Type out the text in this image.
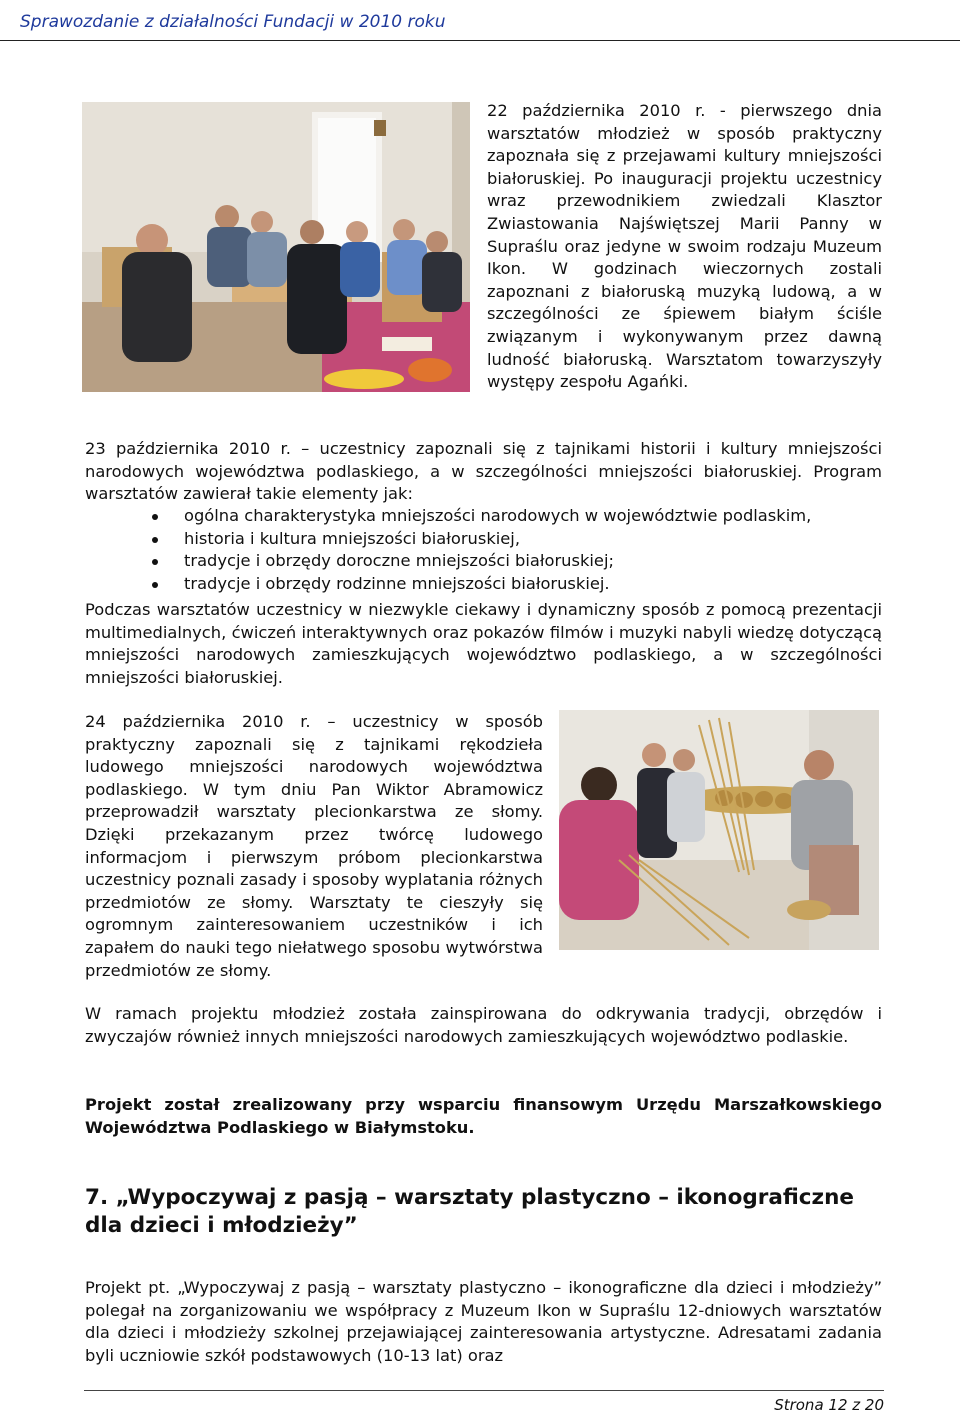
Sprawozdanie z działalności Fundacji w 2010 roku

22 października 2010 r. - pierwszego dnia warsztatów młodzież w sposób praktyczny zapoznała się z przejawami kultury mniejszości białoruskiej. Po inauguracji projektu uczestnicy wraz przewodnikiem zwiedzali Klasztor Zwiastowania Najświętszej Marii Panny w Supraślu oraz jedyne w swoim rodzaju Muzeum Ikon. W godzinach wieczornych zostali zapoznani z białoruską muzyką ludową, a w szczególności ze śpiewem białym ściśle związanym i wykonywanym przez dawną ludność białoruską. Warsztatom towarzyszyły występy zespołu Agańki.

23 października 2010 r. – uczestnicy zapoznali się z tajnikami historii i kultury mniejszości narodowych województwa podlaskiego, a w szczególności mniejszości białoruskiej. Program warsztatów zawierał takie elementy jak:

ogólna charakterystyka mniejszości narodowych w województwie podlaskim,
historia i kultura mniejszości białoruskiej,
tradycje i obrzędy doroczne mniejszości białoruskiej;
tradycje i obrzędy rodzinne mniejszości białoruskiej.

Podczas warsztatów uczestnicy w niezwykle ciekawy i dynamiczny sposób z pomocą prezentacji multimedialnych, ćwiczeń interaktywnych oraz pokazów filmów i muzyki nabyli wiedzę dotyczącą mniejszości narodowych zamieszkujących województwo podlaskiego, a w szczególności mniejszości białoruskiej.

24 października 2010 r. – uczestnicy w sposób praktyczny zapoznali się z tajnikami rękodzieła ludowego mniejszości narodowych województwa podlaskiego. W tym dniu Pan Wiktor Abramowicz przeprowadził warsztaty plecionkarstwa ze słomy. Dzięki przekazanym przez twórcę ludowego informacjom i pierwszym próbom plecionkarstwa uczestnicy poznali zasady i sposoby wyplatania różnych przedmiotów ze słomy. Warsztaty te cieszyły się ogromnym zainteresowaniem uczestników i ich zapałem do nauki tego niełatwego sposobu wytwórstwa przedmiotów ze słomy.

W ramach projektu młodzież została zainspirowana do odkrywania tradycji, obrzędów i zwyczajów również innych mniejszości narodowych zamieszkujących województwo podlaskie.

Projekt został zrealizowany przy wsparciu finansowym Urzędu Marszałkowskiego Województwa Podlaskiego w Białymstoku.

7. „Wypoczywaj z pasją – warsztaty plastyczno – ikonograficzne dla dzieci i młodzieży”

Projekt pt. „Wypoczywaj z pasją – warsztaty plastyczno – ikonograficzne dla dzieci i młodzieży” polegał na zorganizowaniu we współpracy z Muzeum Ikon w Supraślu 12-dniowych warsztatów dla dzieci i młodzieży szkolnej przejawiającej zainteresowania artystyczne. Adresatami zadania byli uczniowie szkół podstawowych (10-13 lat) oraz

Strona 12 z 20
